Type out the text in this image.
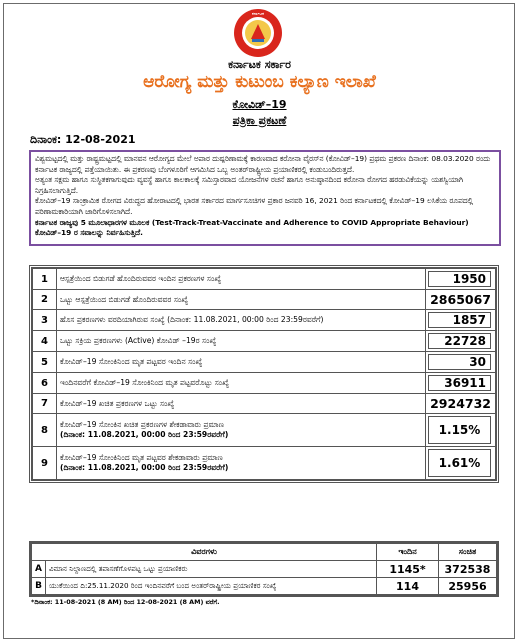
ಕರ್ನಾಟಕ
ಕರ್ನಾಟಕ ಸರ್ಕಾರ
ಆರೋಗ್ಯ ಮತ್ತು ಕುಟುಂಬ ಕಲ್ಯಾಣ ಇಲಾಖೆ
ಕೋವಿಡ್–19
ಪತ್ರಿಕಾ ಪ್ರಕಟಣೆ
ದಿನಾಂಕ: 12-08-2021

ವಿಶ್ವಮಟ್ಟದಲ್ಲಿ ಮತ್ತು ರಾಷ್ಟ್ರಮಟ್ಟದಲ್ಲಿ ಮಾನವನ ಆರೋಗ್ಯದ ಮೇಲೆ ಅಪಾರ ದುಷ್ಪರಿಣಾಮಕ್ಕೆ ಕಾರಣವಾದ ಕರೋನಾ ವೈರಸ್‌ನ (ಕೋವಿಡ್–19) ಪ್ರಥಮ ಪ್ರಕರಣ ದಿನಾಂಕ: 08.03.2020 ರಂದು ಕರ್ನಾಟಕ ರಾಜ್ಯದಲ್ಲಿ ಪತ್ತೆಯಾಯಿತು. ಈ ಪ್ರಕರಣವು ಬೆಂಗಳೂರಿಗೆ ಆಗಮಿಸಿದ ಒಬ್ಬ ಅಂತರ್‌ರಾಷ್ಟ್ರೀಯ ಪ್ರಯಾಣಿಕರಲ್ಲಿ ಕಂಡುಬಂದಿರುತ್ತದೆ.

ಅತ್ಯಂತ ಸಕ್ಷಮ ಹಾಗೂ ಸುಸ್ಥಿತಕಗಾಗುವುದು ವ್ಯವಸ್ಥೆ ಹಾಗೂ ಕಾಲಕಾಲಕ್ಕೆ ಸಮಿಸ್ತಾರವಾದ ಯೋಜನೆಗಳ ರಚನೆ ಹಾಗೂ ಅನುಷ್ಠಾನದಿಂದ ಕರೋನಾ ರೋಗದ ಹರಡುವಿಕೆಯನ್ನು ಯಶಸ್ವಿಯಾಗಿ ನಿಗ್ರಹಿಸಲಾಗುತ್ತಿದೆ.

ಕೋವಿಡ್–19 ಸಾಂಕ್ರಾಮಿಕ ರೋಗದ ವಿರುದ್ಧದ ಹೋರಾಟದಲ್ಲಿ ಭಾರತ ಸರ್ಕಾರದ ಮಾರ್ಗಸೂಚಿಗಳ ಪ್ರಕಾರ ಜನವರಿ 16, 2021 ರಿಂದ ಕರ್ನಾಟಕದಲ್ಲಿ ಕೋವಿಡ್–19 ಲಸಿಕೆಯ ರೂಪದಲ್ಲಿ ಪರಿಣಾಮಕಾರಿಯಾಗಿ ಜಾರಿಗೊಳಿಸಲಾಗಿದೆ.

ಕರ್ನಾಟಕ ರಾಜ್ಯವು 5 ಮೂಲಾಧಾರಗಳ ಮೂಲಕ (Test-Track-Treat-Vaccinate and Adherence to COVID Appropriate Behaviour) ಕೋವಿಡ್–19 ರ ಸವಾಲನ್ನು ನಿರ್ವಹಿಸುತ್ತಿದೆ.

1	ಆಸ್ಪತ್ರೆಯಿಂದ ಬಿಡುಗಡೆ ಹೊಂದಿರುವವರ ಇಂದಿನ ಪ್ರಕರಣಗಳ ಸಂಖ್ಯೆ	1950

2	ಒಟ್ಟು ಆಸ್ಪತ್ರೆಯಿಂದ ಬಿಡುಗಡೆ ಹೊಂದಿರುವವರ ಸಂಖ್ಯೆ	2865067
3	ಹೊಸ ಪ್ರಕರಣಗಳು ವರದಿಯಾಗಿರುವ ಸಂಖ್ಯೆ (ದಿನಾಂಕ: 11.08.2021, 00:00 ರಿಂದ 23:59ರವರೆಗೆ)	1857

4	ಒಟ್ಟು ಸಕ್ರಿಯ ಪ್ರಕರಣಗಳು (Active) ಕೋವಿಡ್ –19ರ ಸಂಖ್ಯೆ	22728

5	ಕೋವಿಡ್–19 ಸೋಂಕಿನಿಂದ ಮೃತ ಪಟ್ಟವರ ಇಂದಿನ ಸಂಖ್ಯೆ	30

6	ಇಂದಿನವರೆಗೆ ಕೋವಿಡ್–19 ಸೋಂಕಿನಿಂದ ಮೃತ ಪಟ್ಟವರೊಟ್ಟು ಸಂಖ್ಯೆ	36911

7	ಕೋವಿಡ್–19 ಖಚಿತ ಪ್ರಕರಣಗಳ ಒಟ್ಟು ಸಂಖ್ಯೆ	2924732
8	ಕೋವಿಡ್–19 ಸೋಂಕಿನ ಖಚಿತ ಪ್ರಕರಣಗಳ ಶೇಕಡಾವಾರು ಪ್ರಮಾಣ
(ದಿನಾಂಕ: 11.08.2021, 00:00 ರಿಂದ 23:59ರವರೆಗೆ)	1.15%

9	ಕೋವಿಡ್–19 ಸೋಂಕಿನಿಂದ ಮೃತ ಪಟ್ಟವರ ಶೇಕಡಾವಾರು ಪ್ರಮಾಣ
(ದಿನಾಂಕ: 11.08.2021, 00:00 ರಿಂದ 23:59ರವರೆಗೆ)	1.61%
ವಿವರಗಳು		ಇಂದಿನ	ಸಂಚಿತ
A	ವಿಮಾನ ನಿಲ್ದಾಣದಲ್ಲಿ ತಪಾಸಣೆಗೊಳಪಟ್ಟ ಒಟ್ಟು ಪ್ರಯಾಣಿಕರು	1145*	372538
B	ಯುಕೆಯಿಂದ ದಿ:25.11.2020 ರಿಂದ ಇಂದಿನವರೆಗೆ ಬಂದ ಅಂತರ್‌ರಾಷ್ಟ್ರೀಯ ಪ್ರಯಾಣಿಕರ ಸಂಖ್ಯೆ	114	25956
*ದಿನಾಂಕ: 11-08-2021 (8 AM) ರಿಂದ 12-08-2021 (8 AM) ವರೆಗೆ.
